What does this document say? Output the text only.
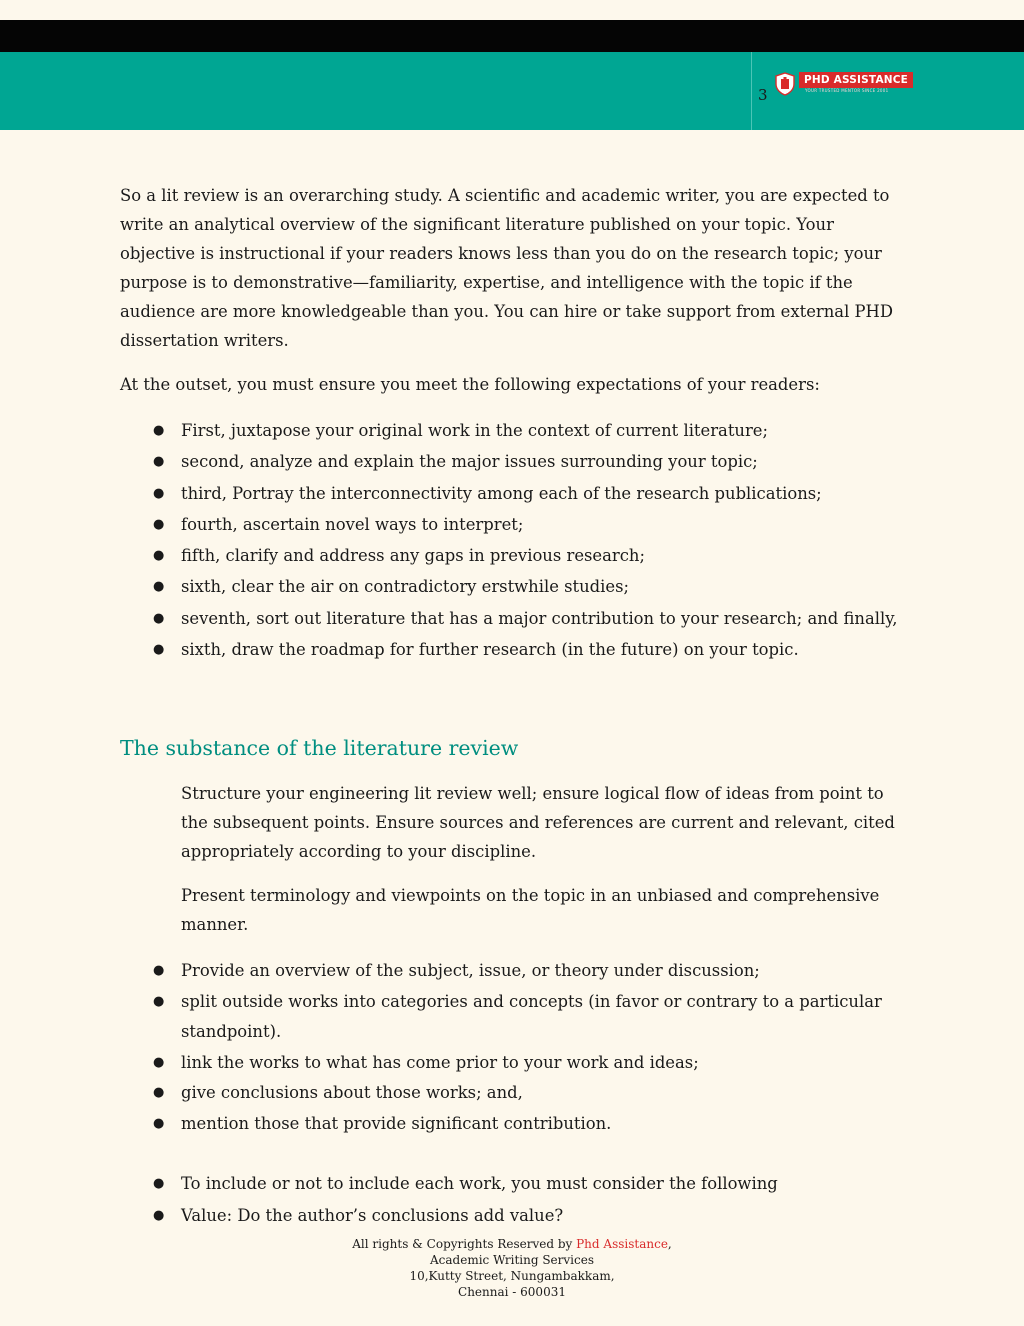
3
PHD ASSISTANCE
YOUR TRUSTED MENTOR SINCE 2001

So a lit review is an overarching study. A scientific and academic writer, you are expected to write an analytical overview of the significant literature published on your topic. Your objective is instructional if your readers knows less than you do on the research topic; your purpose is to demonstrative—familiarity, expertise, and intelligence with the topic if the audience are more knowledgeable than you. You can hire or take support from external PHD dissertation writers.

At the outset, you must ensure you meet the following expectations of your readers:

● First, juxtapose your original work in the context of current literature;
● second, analyze and explain the major issues surrounding your topic;
● third, Portray the interconnectivity among each of the research publications;
● fourth, ascertain novel ways to interpret;
● fifth, clarify and address any gaps in previous research;
● sixth, clear the air on contradictory erstwhile studies;
● seventh, sort out literature that has a major contribution to your research; and finally,
● sixth, draw the roadmap for further research (in the future) on your topic.

The substance of the literature review

Structure your engineering lit review well; ensure logical flow of ideas from point to the subsequent points. Ensure sources and references are current and relevant, cited appropriately according to your discipline.

Present terminology and viewpoints on the topic in an unbiased and comprehensive manner.

● Provide an overview of the subject, issue, or theory under discussion;
● split outside works into categories and concepts (in favor or contrary to a particular standpoint).
● link the works to what has come prior to your work and ideas;
● give conclusions about those works; and,
● mention those that provide significant contribution.
● To include or not to include each work, you must consider the following
● Value: Do the author’s conclusions add value?
All rights & Copyrights Reserved by Phd Assistance,
Academic Writing Services
10,Kutty Street, Nungambakkam,
Chennai - 600031
